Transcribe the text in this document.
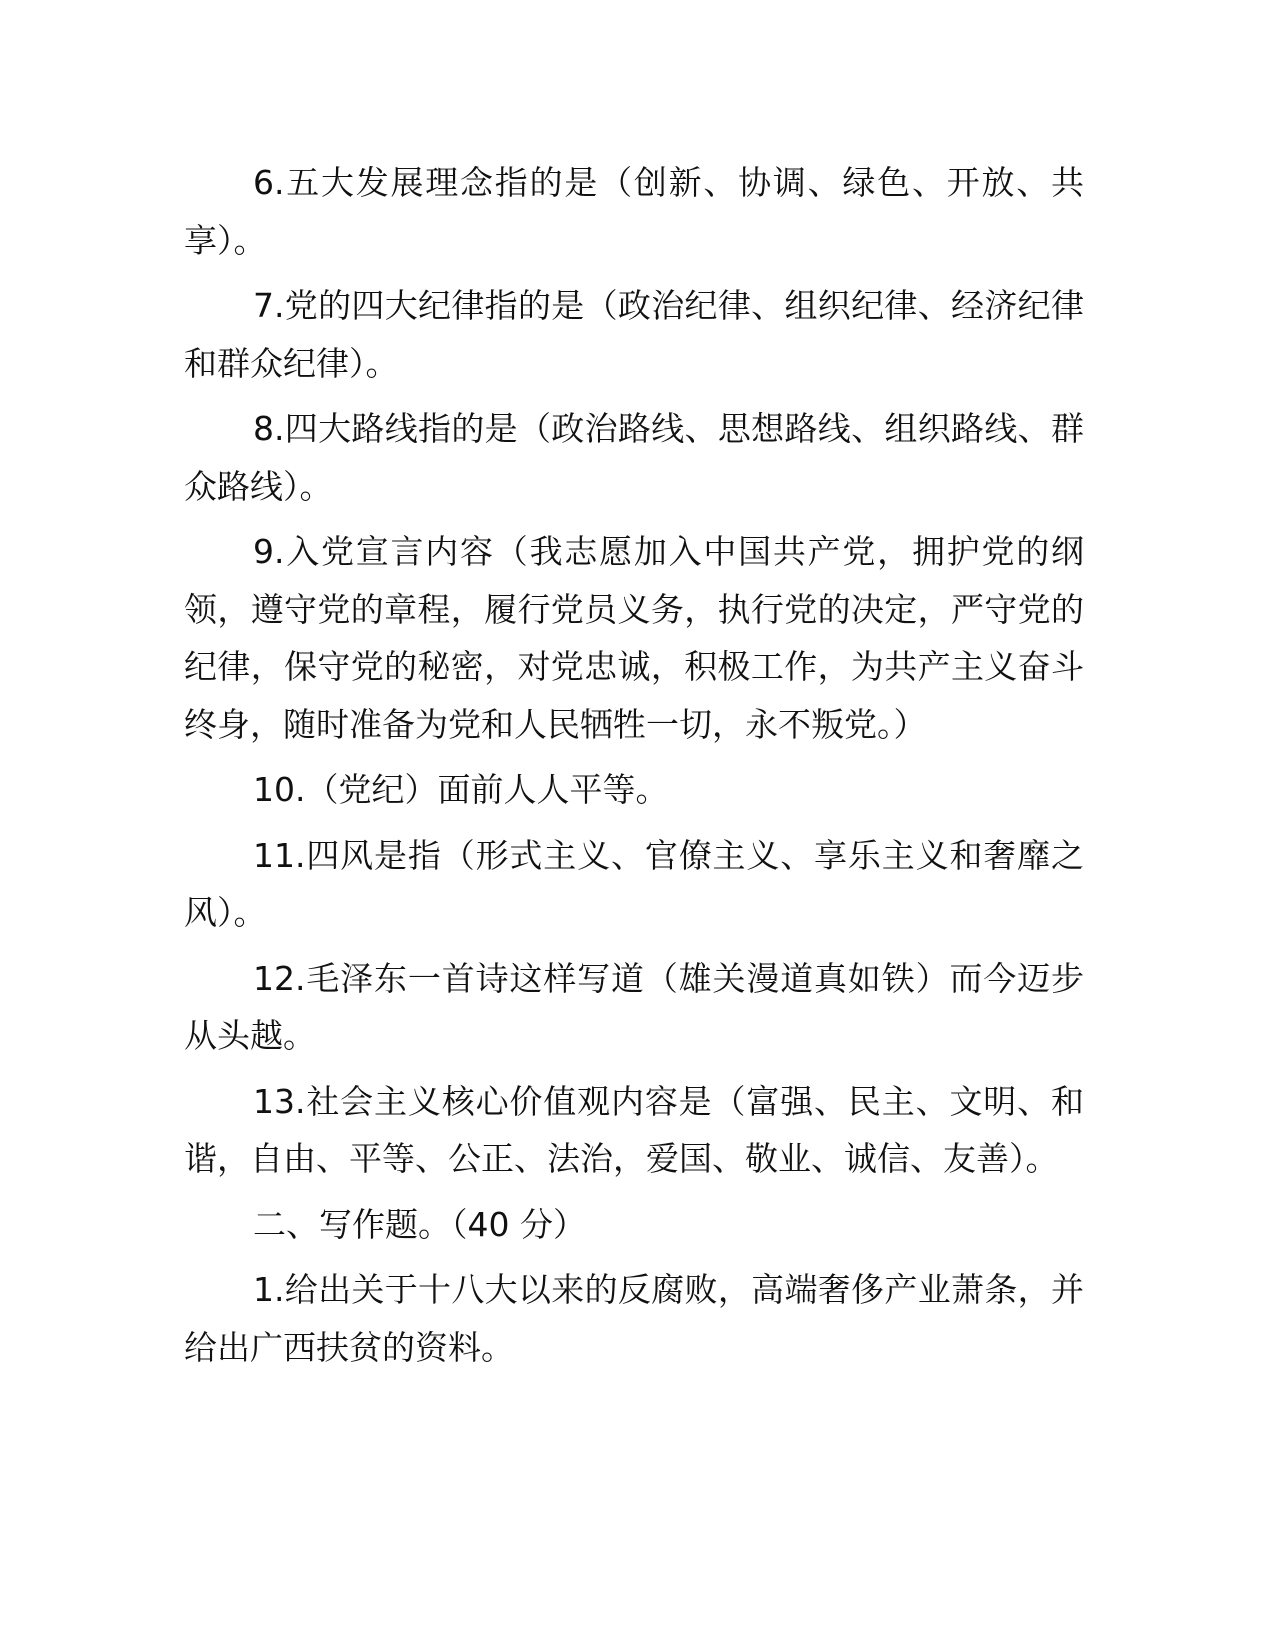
6.五大发展理念指的是（创新、协调、绿色、开放、共享）。

7.党的四大纪律指的是（政治纪律、组织纪律、经济纪律和群众纪律）。

8.四大路线指的是（政治路线、思想路线、组织路线、群众路线）。

9.入党宣言内容（我志愿加入中国共产党，拥护党的纲领，遵守党的章程，履行党员义务，执行党的决定，严守党的纪律，保守党的秘密，对党忠诚，积极工作，为共产主义奋斗终身，随时准备为党和人民牺牲一切，永不叛党。）

10.（党纪）面前人人平等。

11.四风是指（形式主义、官僚主义、享乐主义和奢靡之风）。

12.毛泽东一首诗这样写道（雄关漫道真如铁）而今迈步从头越。

13.社会主义核心价值观内容是（富强、民主、文明、和谐，自由、平等、公正、法治，爱国、敬业、诚信、友善）。

二、写作题。（40 分）

1.给出关于十八大以来的反腐败，高端奢侈产业萧条，并给出广西扶贫的资料。
